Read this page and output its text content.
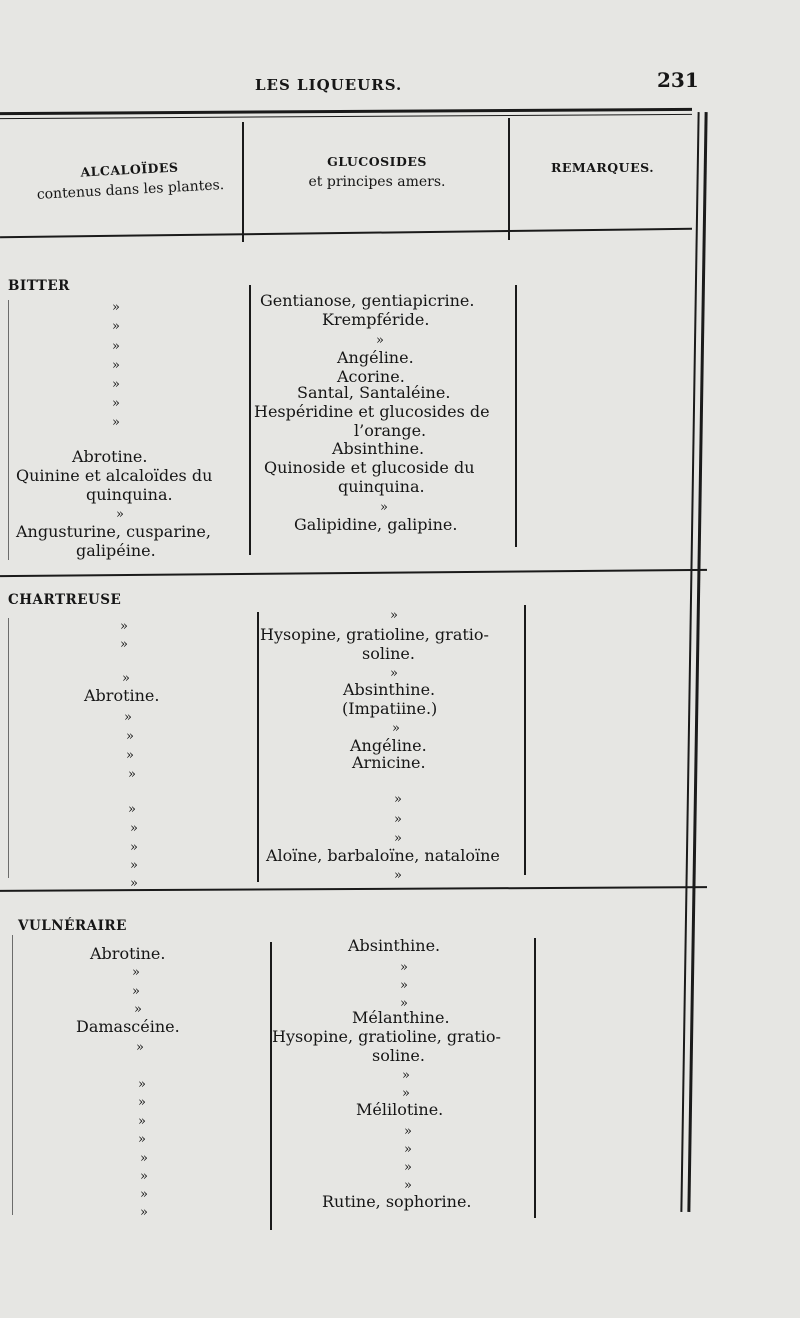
LES LIQUEURS.	231
ALCALOÏDES
contenus dans les plantes.
GLUCOSIDES
et principes amers.
REMARQUES.
BITTER
»
»
»
»
»
»
»
Abrotine.
Quinine et alcaloïdes du
quinquina.
»
Angusturine, cusparine,
galipéine.
Gentianose, gentiapicrine.
Krempféride.
»
Angéline.
Acorine.
Santal, Santaléine.
Hespéridine et glucosides de
l’orange.
Absinthine.
Quinoside et glucoside du
quinquina.
»
Galipidine, galipine.
CHARTREUSE
»
»
»
Abrotine.
»
»
»
»
»
»
»
»
»
»
Hysopine, gratioline, gratio-
soline.
»
Absinthine.
(Impatiine.)
»
Angéline.
Arnicine.
»
»
»
Aloïne, barbaloïne, nataloïne
»
VULNÉRAIRE
Abrotine.
»
»
»
Damascéine.
»
»
»
»
»
»
»
»
»
Absinthine.
»
»
»
Mélanthine.
Hysopine, gratioline, gratio-
soline.
»
»
Mélilotine.
»
»
»
»
Rutine, sophorine.
